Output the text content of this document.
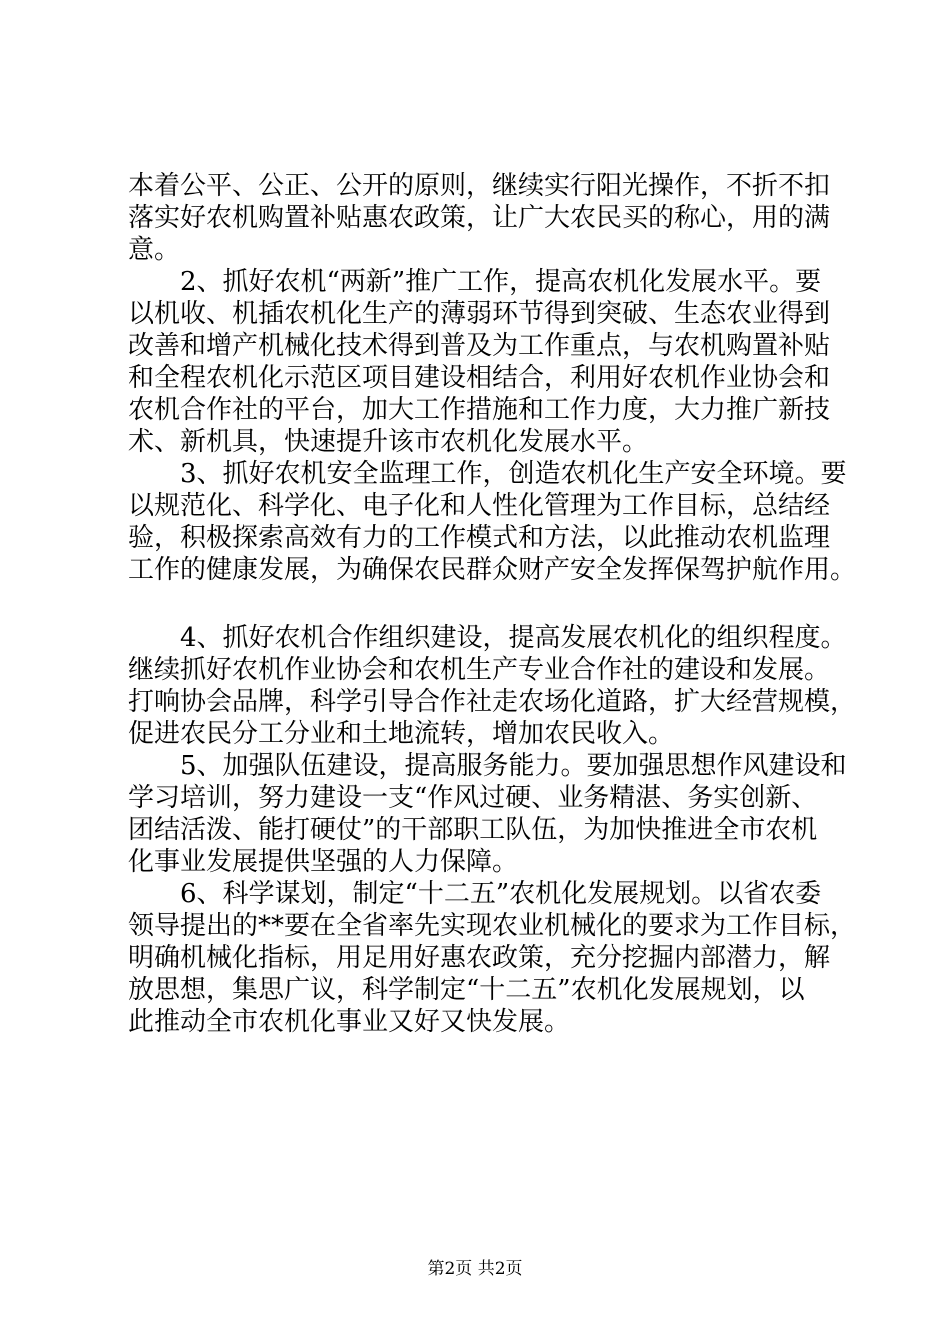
本着公平、公正、公开的原则，继续实行阳光操作，不折不扣
落实好农机购置补贴惠农政策，让广大农民买的称心，用的满
意。
2、抓好农机“两新”推广工作，提高农机化发展水平。要
以机收、机插农机化生产的薄弱环节得到突破、生态农业得到
改善和增产机械化技术得到普及为工作重点，与农机购置补贴
和全程农机化示范区项目建设相结合，利用好农机作业协会和
农机合作社的平台，加大工作措施和工作力度，大力推广新技
术、新机具，快速提升该市农机化发展水平。
3、抓好农机安全监理工作，创造农机化生产安全环境。要
以规范化、科学化、电子化和人性化管理为工作目标，总结经
验，积极探索高效有力的工作模式和方法，以此推动农机监理
工作的健康发展，为确保农民群众财产安全发挥保驾护航作用。
4、抓好农机合作组织建设，提高发展农机化的组织程度。
继续抓好农机作业协会和农机生产专业合作社的建设和发展。
打响协会品牌，科学引导合作社走农场化道路，扩大经营规模，
促进农民分工分业和土地流转，增加农民收入。
5、加强队伍建设，提高服务能力。要加强思想作风建设和
学习培训，努力建设一支“作风过硬、业务精湛、务实创新、
团结活泼、能打硬仗”的干部职工队伍，为加快推进全市农机
化事业发展提供坚强的人力保障。
6、科学谋划，制定“十二五”农机化发展规划。以省农委
领导提出的**要在全省率先实现农业机械化的要求为工作目标，
明确机械化指标，用足用好惠农政策，充分挖掘内部潜力，解
放思想，集思广议，科学制定“十二五”农机化发展规划，以
此推动全市农机化事业又好又快发展。
第2页 共2页
